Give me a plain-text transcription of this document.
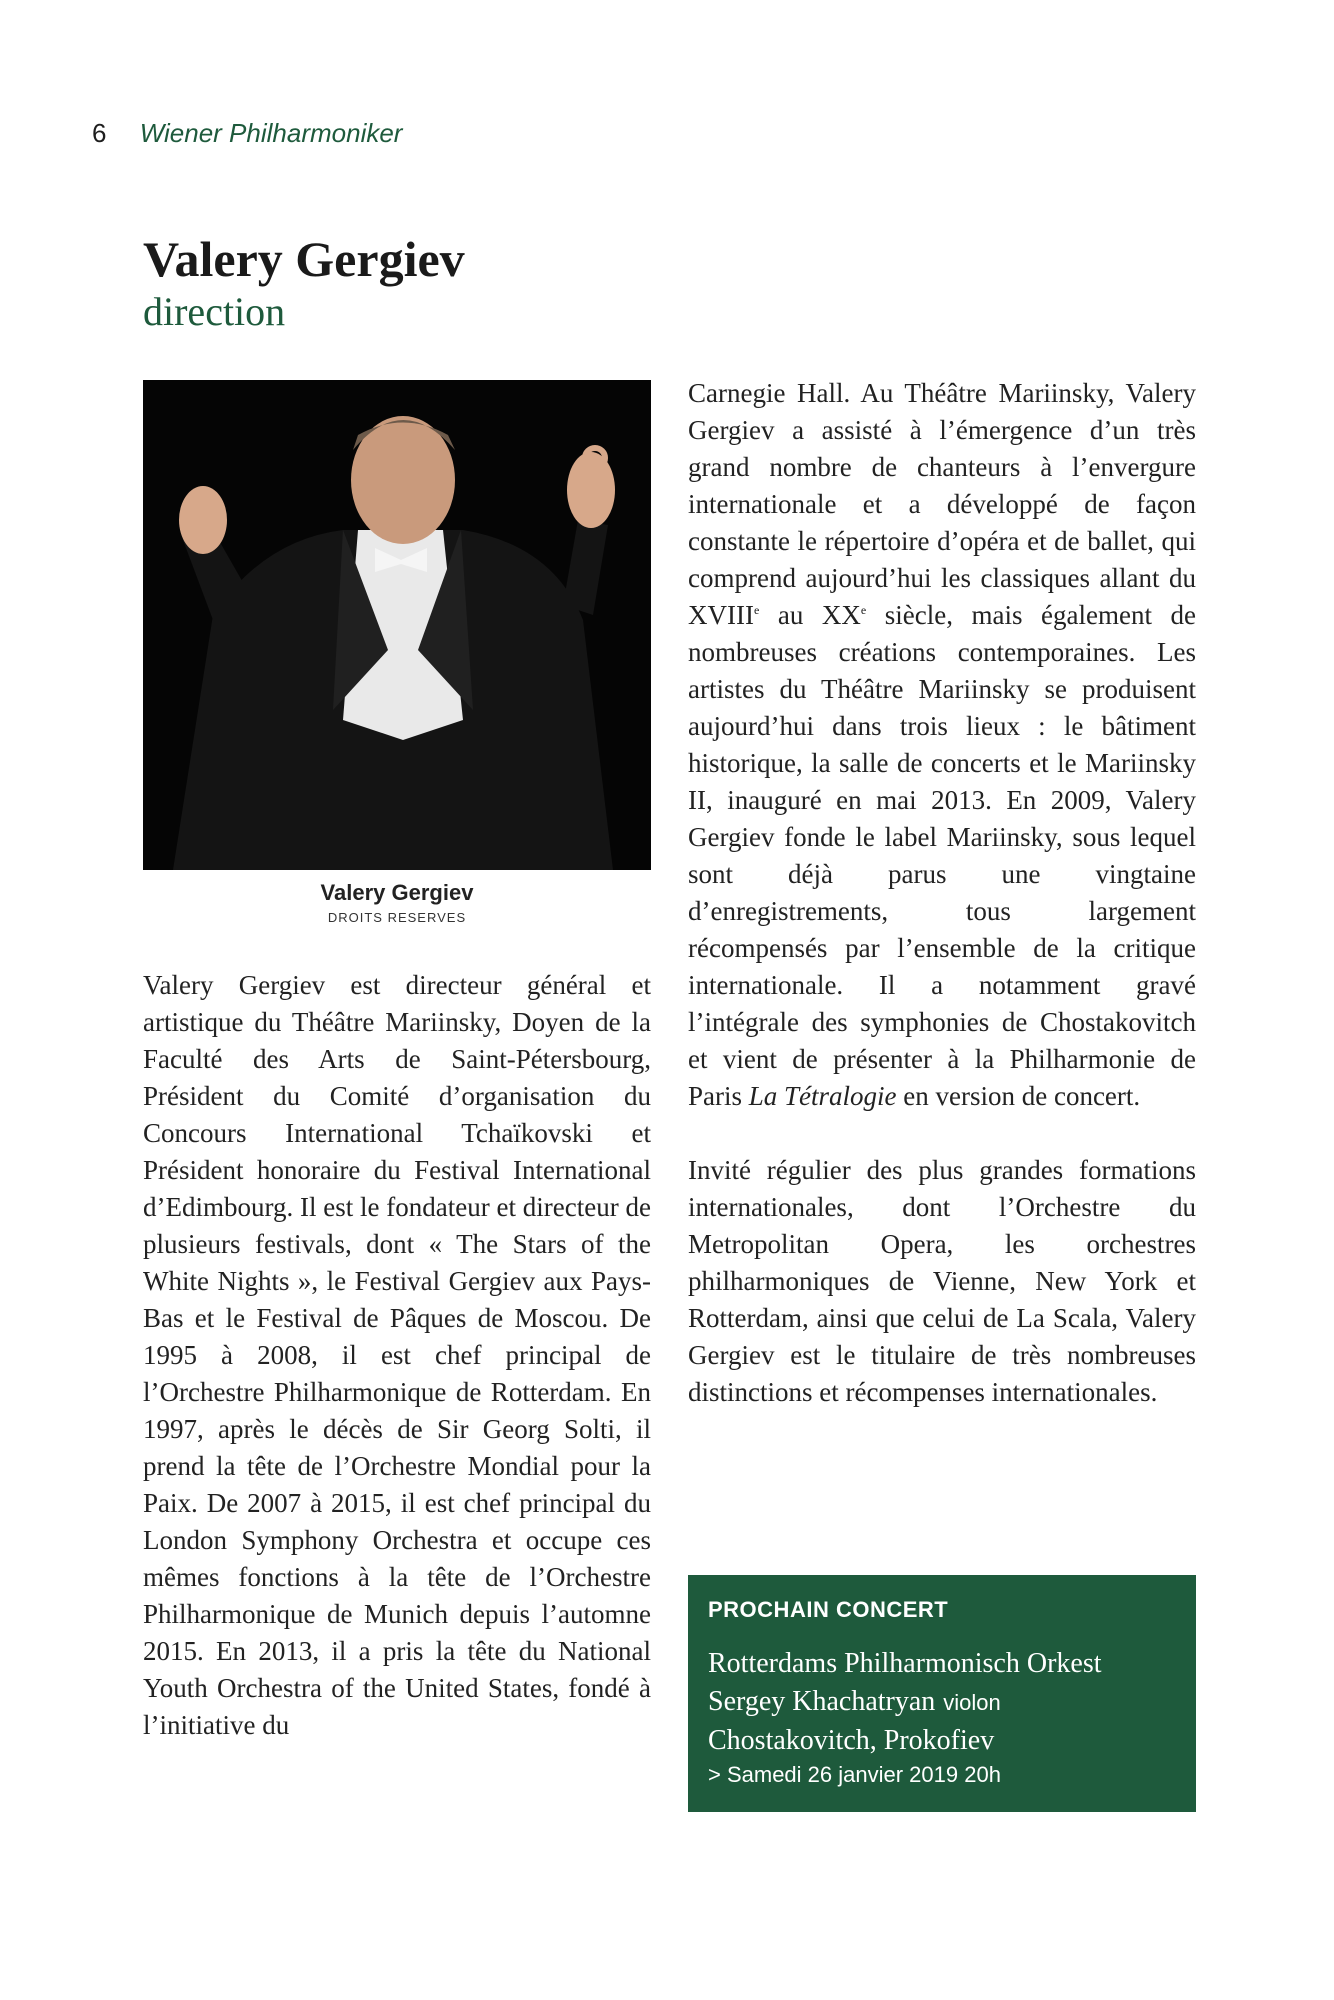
6 Wiener Philharmoniker
Valery Gergiev
direction
Valery Gergiev
DROITS RESERVES

Valery Gergiev est directeur général et artistique du Théâtre Mariinsky, Doyen de la Faculté des Arts de Saint-Pétersbourg, Président du Comité d’organisation du Concours International Tchaïkovski et Président honoraire du Festival International d’Edimbourg. Il est le fondateur et directeur de plusieurs festivals, dont « The Stars of the White Nights », le Festival Gergiev aux Pays-Bas et le Festival de Pâques de Moscou. De 1995 à 2008, il est chef principal de l’Orchestre Philharmonique de Rotterdam. En 1997, après le décès de Sir Georg Solti, il prend la tête de l’Orchestre Mondial pour la Paix. De 2007 à 2015, il est chef principal du London Symphony Orchestra et occupe ces mêmes fonctions à la tête de l’Orchestre Philharmonique de Munich depuis l’automne 2015. En 2013, il a pris la tête du National Youth Orchestra of the United States, fondé à l’initiative du

Carnegie Hall. Au Théâtre Mariinsky, Valery Gergiev a assisté à l’émergence d’un très grand nombre de chanteurs à l’envergure internationale et a développé de façon constante le répertoire d’opéra et de ballet, qui comprend aujourd’hui les classiques allant du XVIIIe au XXe siècle, mais également de nombreuses créations contemporaines. Les artistes du Théâtre Mariinsky se produisent aujourd’hui dans trois lieux : le bâtiment historique, la salle de concerts et le Mariinsky II, inauguré en mai 2013. En 2009, Valery Gergiev fonde le label Mariinsky, sous lequel sont déjà parus une vingtaine d’enregistrements, tous largement récompensés par l’ensemble de la critique internationale. Il a notamment gravé l’intégrale des symphonies de Chostakovitch et vient de présenter à la Philharmonie de Paris La Tétralogie en version de concert.

Invité régulier des plus grandes formations internationales, dont l’Orchestre du Metropolitan Opera, les orchestres philharmoniques de Vienne, New York et Rotterdam, ainsi que celui de La Scala, Valery Gergiev est le titulaire de très nombreuses distinctions et récompenses internationales.

PROCHAIN CONCERT
Rotterdams Philharmonisch Orkest
Sergey Khachatryan violon
Chostakovitch, Prokofiev
> Samedi 26 janvier 2019 20h
